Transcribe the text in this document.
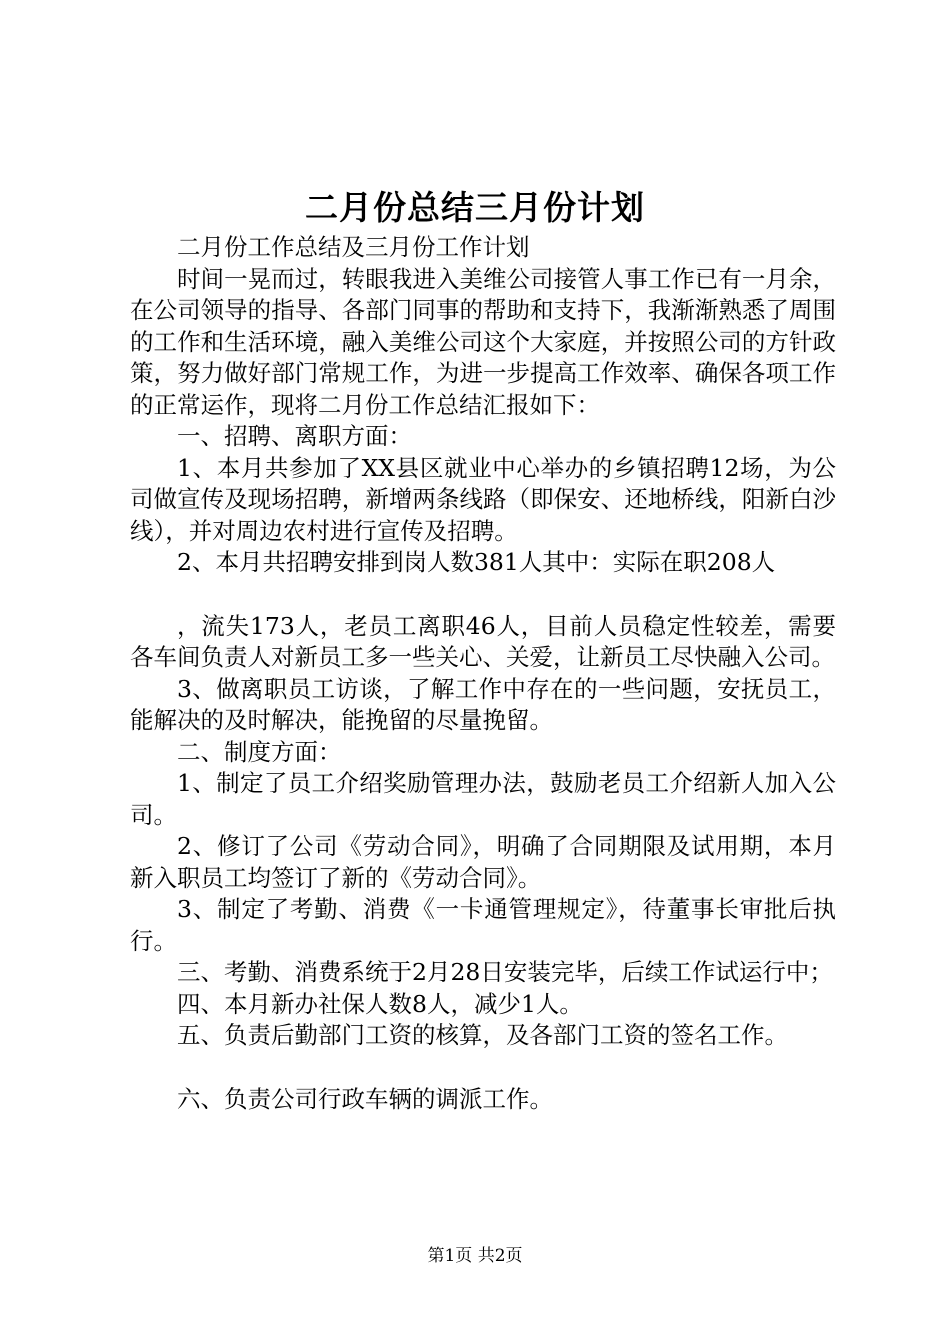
二月份总结三月份计划

二月份工作总结及三月份工作计划

时间一晃而过，转眼我进入美维公司接管人事工作已有一月余，在公司领导的指导、各部门同事的帮助和支持下，我渐渐熟悉了周围的工作和生活环境，融入美维公司这个大家庭，并按照公司的方针政策，努力做好部门常规工作，为进一步提高工作效率、确保各项工作的正常运作，现将二月份工作总结汇报如下：

一、招聘、离职方面：

1、本月共参加了XX县区就业中心举办的乡镇招聘12场，为公司做宣传及现场招聘，新增两条线路（即保安、还地桥线，阳新白沙线），并对周边农村进行宣传及招聘。

2、本月共招聘安排到岗人数381人其中：实际在职208人

，流失173人，老员工离职46人，目前人员稳定性较差，需要各车间负责人对新员工多一些关心、关爱，让新员工尽快融入公司。

3、做离职员工访谈，了解工作中存在的一些问题，安抚员工，能解决的及时解决，能挽留的尽量挽留。

二、制度方面：

1、制定了员工介绍奖励管理办法，鼓励老员工介绍新人加入公司。

2、修订了公司《劳动合同》，明确了合同期限及试用期，本月新入职员工均签订了新的《劳动合同》。

3、制定了考勤、消费《一卡通管理规定》，待董事长审批后执行。

三、考勤、消费系统于2月28日安装完毕，后续工作试运行中；

四、本月新办社保人数8人，减少1人。

五、负责后勤部门工资的核算，及各部门工资的签名工作。

六、负责公司行政车辆的调派工作。

第1页 共2页
